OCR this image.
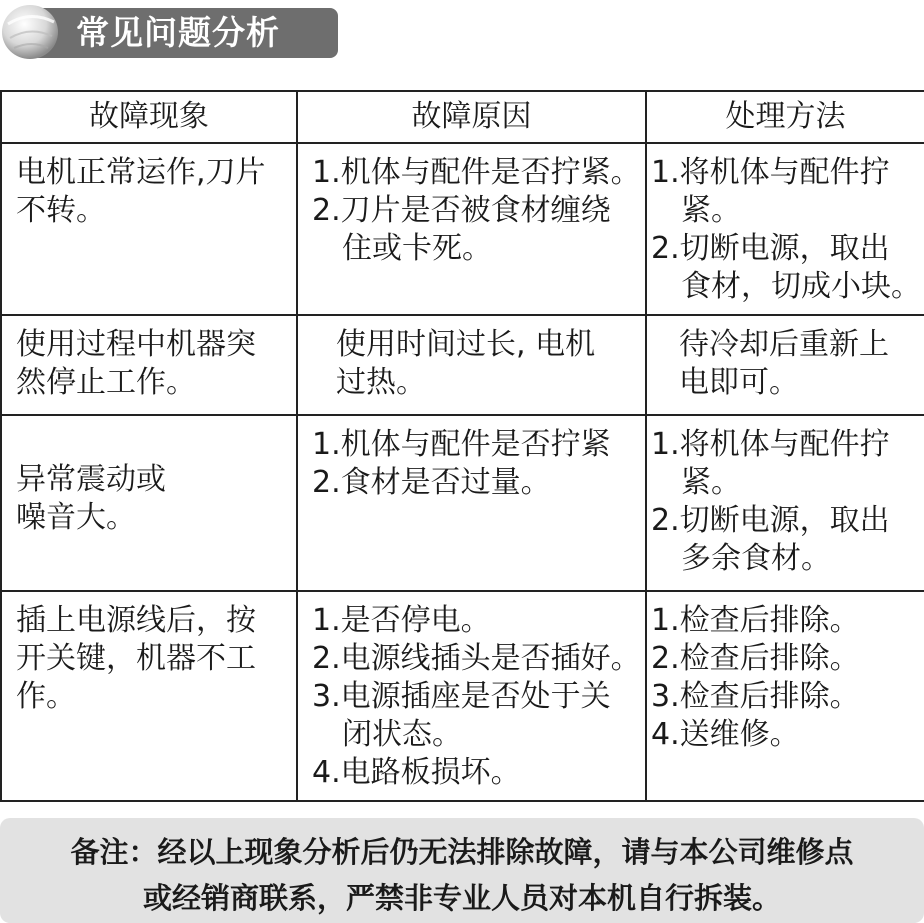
常见问题分析
故障现象	故障原因	处理方法

电机正常运作,刀片
不转。	1.机体与配件是否拧紧。
2.刀片是否被食材缠绕
住或卡死。	1.将机体与配件拧
紧。
2.切断电源，取出
食材，切成小块。

使用过程中机器突
然停止工作。	使用时间过长, 电机
过热。	待冷却后重新上
电即可。

异常震动或
噪音大。	1.机体与配件是否拧紧
2.食材是否过量。	1.将机体与配件拧
紧。
2.切断电源，取出
多余食材。

插上电源线后，按
开关键，机器不工
作。	1.是否停电。
2.电源线插头是否插好。
3.电源插座是否处于关
闭状态。
4.电路板损坏。	1.检查后排除。
2.检查后排除。
3.检查后排除。
4.送维修。
备注：经以上现象分析后仍无法排除故障，请与本公司维修点
或经销商联系，严禁非专业人员对本机自行拆装。
